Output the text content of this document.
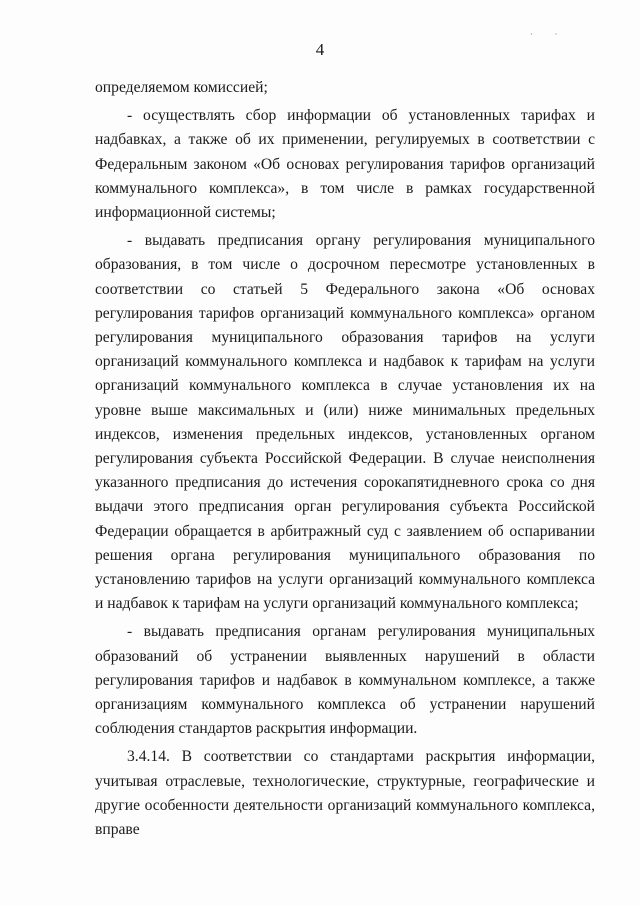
· ·
4

определяемом комиссией;

- осуществлять сбор информации об установленных тарифах и надбавках, а также об их применении, регулируемых в соответствии с Федеральным законом «Об основах регулирования тарифов организаций коммунального комплекса», в том числе в рамках государственной информационной системы;

- выдавать предписания органу регулирования муниципального образования, в том числе о досрочном пересмотре установленных в соответствии со статьей 5 Федерального закона «Об основах регулирования тарифов организаций коммунального комплекса» органом регулирования муниципального образования тарифов на услуги организаций коммунального комплекса и надбавок к тарифам на услуги организаций коммунального комплекса в случае установления их на уровне выше максимальных и (или) ниже минимальных предельных индексов, изменения предельных индексов, установленных органом регулирования субъекта Российской Федерации. В случае неисполнения указанного предписания до истечения сорокапятидневного срока со дня выдачи этого предписания орган регулирования субъекта Российской Федерации обращается в арбитражный суд с заявлением об оспаривании решения органа регулирования муниципального образования по установлению тарифов на услуги организаций коммунального комплекса и надбавок к тарифам на услуги организаций коммунального комплекса;

- выдавать предписания органам регулирования муниципальных образований об устранении выявленных нарушений в области регулирования тарифов и надбавок в коммунальном комплексе, а также организациям коммунального комплекса об устранении нарушений соблюдения стандартов раскрытия информации.

3.4.14. В соответствии со стандартами раскрытия информации, учитывая отраслевые, технологические, структурные, географические и другие особенности деятельности организаций коммунального комплекса, вправе
